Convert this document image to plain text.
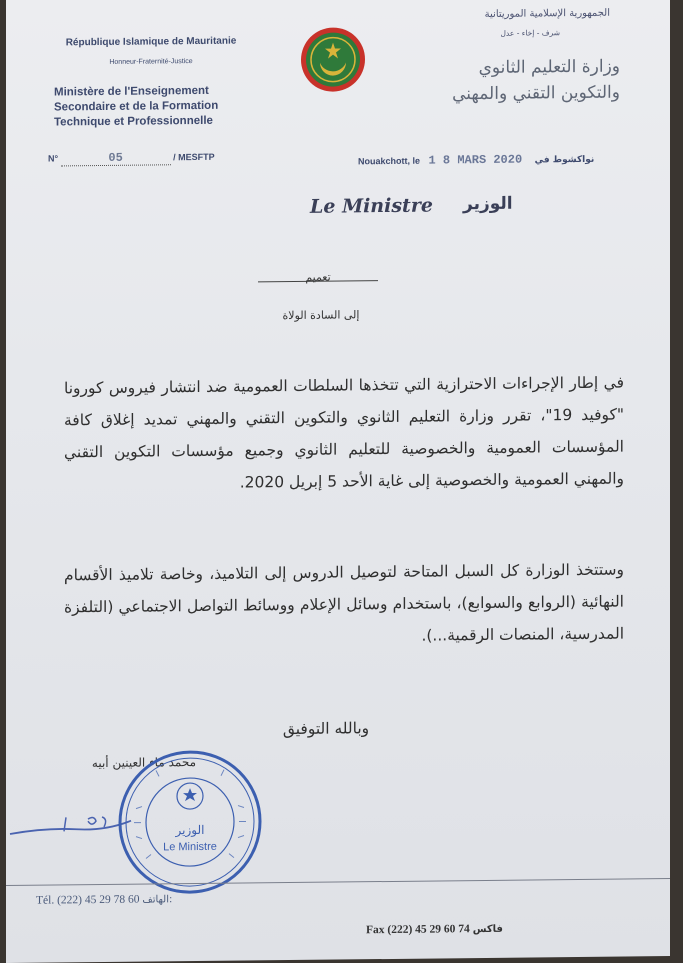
République Islamique de Mauritanie
Honneur-Fraternité-Justice
Ministère de l'Enseignement
Secondaire et de la Formation
Technique et Professionnelle
N°	05	/ MESFTP
الجمهورية الإسلامية الموريتانية
شرف - إخاء - عدل
وزارة التعليم الثانوي
والتكوين التقني والمهني
Nouakchott, le 1 8 MARS 2020 نواكشوط في
Le Ministre الوزير
تعميم
إلى السادة الولاة
في إطار الإجراءات الاحترازية التي تتخذها السلطات العمومية ضد انتشار فيروس كورونا "كوفيد 19"، تقرر وزارة التعليم الثانوي والتكوين التقني والمهني تمديد إغلاق كافة المؤسسات العمومية والخصوصية للتعليم الثانوي وجميع مؤسسات التكوين التقني والمهني العمومية والخصوصية إلى غاية الأحد 5 إبريل 2020.
وستتخذ الوزارة كل السبل المتاحة لتوصيل الدروس إلى التلاميذ، وخاصة تلاميذ الأقسام النهائية (الروابع والسوابع)، باستخدام وسائل الإعلام ووسائط التواصل الاجتماعي (التلفزة المدرسية، المنصات الرقمية...).
وبالله التوفيق
محمد ماء العينين أبيه
الوزير
Le Ministre
Tél. (222) 45 29 78 60 الهاتف:
Fax (222) 45 29 60 74 فاكس
